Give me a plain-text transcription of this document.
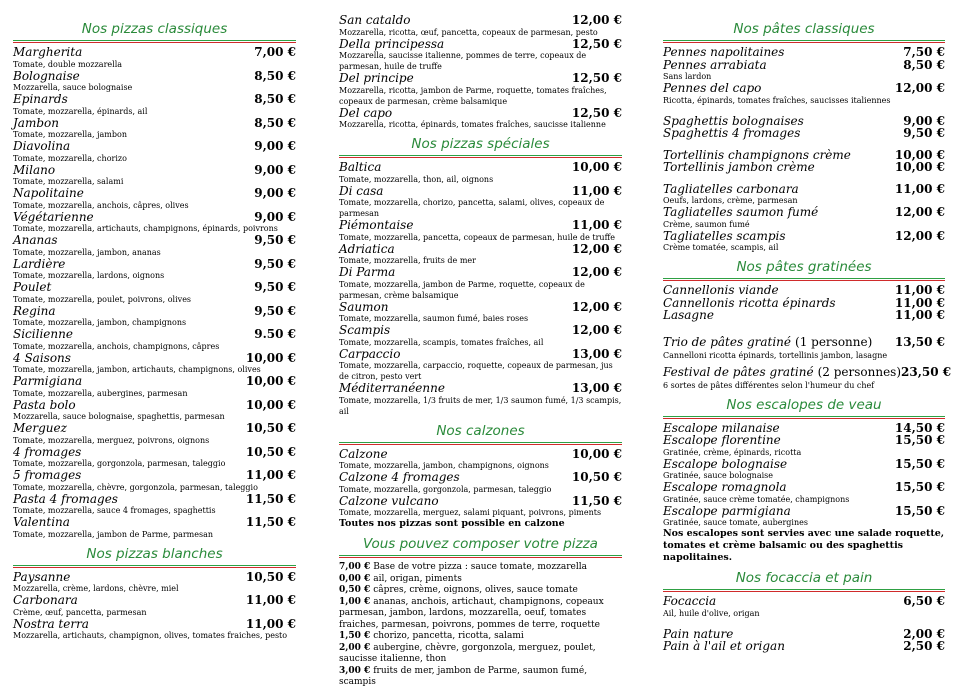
Nos pizzas classiques
Margherita	7,00 €
Tomate, double mozzarella
Bolognaise	8,50 €
Mozzarella, sauce bolognaise
Epinards	8,50 €
Tomate, mozzarella, épinards, ail
Jambon	8,50 €
Tomate, mozzarella, jambon
Diavolina	9,00 €
Tomate, mozzarella, chorizo
Milano	9,00 €
Tomate, mozzarella, salami
Napolitaine	9,00 €
Tomate, mozzarella, anchois, câpres, olives
Végétarienne	9,00 €
Tomate, mozzarella, artichauts, champignons, épinards, poivrons
Ananas	9,50 €
Tomate, mozzarella, jambon, ananas
Lardière	9,50 €
Tomate, mozzarella, lardons, oignons
Poulet	9,50 €
Tomate, mozzarella, poulet, poivrons, olives
Regina	9,50 €
Tomate, mozzarella, jambon, champignons
Sicilienne	9.50 €
Tomate, mozzarella, anchois, champignons, câpres
4 Saisons	10,00 €
Tomate, mozzarella, jambon, artichauts, champignons, olives
Parmigiana	10,00 €
Tomate, mozzarella, aubergines, parmesan
Pasta bolo	10,00 €
Mozzarella, sauce bolognaise, spaghettis, parmesan
Merguez	10,50 €
Tomate, mozzarella, merguez, poivrons, oignons
4 fromages	10,50 €
Tomate, mozzarella, gorgonzola, parmesan, taleggio
5 fromages	11,00 €
Tomate, mozzarella, chèvre, gorgonzola, parmesan, taleggio
Pasta 4 fromages	11,50 €
Tomate, mozzarella, sauce 4 fromages, spaghettis
Valentina	11,50 €
Tomate, mozzarella, jambon de Parme, parmesan
Nos pizzas blanches
Paysanne	10,50 €
Mozzarella, crème, lardons, chèvre, miel
Carbonara	11,00 €
Crème, œuf, pancetta, parmesan
Nostra terra	11,00 €
Mozzarella, artichauts, champignon, olives, tomates fraiches, pesto
San cataldo	12,00 €
Mozzarella, ricotta, œuf, pancetta, copeaux de parmesan, pesto
Della principessa	12,50 €
Mozzarella, saucisse italienne, pommes de terre, copeaux de parmesan, huile de truffe
Del principe	12,50 €
Mozzarella, ricotta, jambon de Parme, roquette, tomates fraîches, copeaux de parmesan, crème balsamique
Del capo	12,50 €
Mozzarella, ricotta, épinards, tomates fraîches, saucisse italienne
Nos pizzas spéciales
Baltica	10,00 €
Tomate, mozzarella, thon, ail, oignons
Di casa	11,00 €
Tomate, mozzarella, chorizo, pancetta, salami, olives, copeaux de parmesan
Piémontaise	11,00 €
Tomate, mozzarella, pancetta, copeaux de parmesan, huile de truffe
Adriatica	12,00 €
Tomate, mozzarella, fruits de mer
Di Parma	12,00 €
Tomate, mozzarella, jambon de Parme, roquette, copeaux de parmesan, crème balsamique
Saumon	12,00 €
Tomate, mozzarella, saumon fumé, baies roses
Scampis	12,00 €
Tomate, mozzarella, scampis, tomates fraîches, ail
Carpaccio	13,00 €
Tomate, mozzarella, carpaccio, roquette, copeaux de parmesan, jus de citron, pesto vert
Méditerranéenne	13,00 €
Tomate, mozzarella, 1/3 fruits de mer, 1/3 saumon fumé, 1/3 scampis, ail
Nos calzones
Calzone	10,00 €
Tomate, mozzarella, jambon, champignons, oignons
Calzone 4 fromages	10,50 €
Tomate, mozzarella, gorgonzola, parmesan, taleggio
Calzone vulcano	11,50 €
Tomate, mozzarella, merguez, salami piquant, poivrons, piments
Toutes nos pizzas sont possible en calzone
Vous pouvez composer votre pizza
7,00 € Base de votre pizza : sauce tomate, mozzarella
0,00 € ail, origan, piments
0,50 € câpres, crème, oignons, olives, sauce tomate
1,00 € ananas, anchois, artichaut, champignons, copeaux parmesan, jambon, lardons, mozzarella, oeuf, tomates fraiches, parmesan, poivrons, pommes de terre, roquette
1,50 € chorizo, pancetta, ricotta, salami
2,00 € aubergine, chèvre, gorgonzola, merguez, poulet, saucisse italienne, thon
3,00 € fruits de mer, jambon de Parme, saumon fumé, scampis
Nos pâtes classiques
Pennes napolitaines	7,50 €
Pennes arrabiata	8,50 €
Sans lardon
Pennes del capo	12,00 €
Ricotta, épinards, tomates fraîches, saucisses italiennes
Spaghettis bolognaises	9,00 €
Spaghettis 4 fromages	9,50 €
Tortellinis champignons crème	10,00 €
Tortellinis jambon crème	10,00 €
Tagliatelles carbonara	11,00 €
Oeufs, lardons, crème, parmesan
Tagliatelles saumon fumé	12,00 €
Crème, saumon fumé
Tagliatelles scampis	12,00 €
Crème tomatée, scampis, ail
Nos pâtes gratinées
Cannellonis viande	11,00 €
Cannellonis ricotta épinards	11,00 €
Lasagne	11,00 €
Trio de pâtes gratiné (1 personne) 13,50 €
Cannelloni ricotta épinards, tortellinis jambon, lasagne
Festival de pâtes gratiné (2 personnes) 23,50 €
6 sortes de pâtes différentes selon l'humeur du chef
Nos escalopes de veau
Escalope milanaise	14,50 €
Escalope florentine	15,50 €
Gratinée, crème, épinards, ricotta
Escalope bolognaise	15,50 €
Gratinée, sauce bolognaise
Escalope romagnola	15,50 €
Gratinée, sauce crème tomatée, champignons
Escalope parmigiana	15,50 €
Gratinée, sauce tomate, aubergines
Nos escalopes sont servies avec une salade roquette, tomates et crème balsamic ou des spaghettis napolitaines.
Nos focaccia et pain
Focaccia	6,50 €
Ail, huile d'olive, origan
Pain nature	2,00 €
Pain à l'ail et origan	2,50 €
